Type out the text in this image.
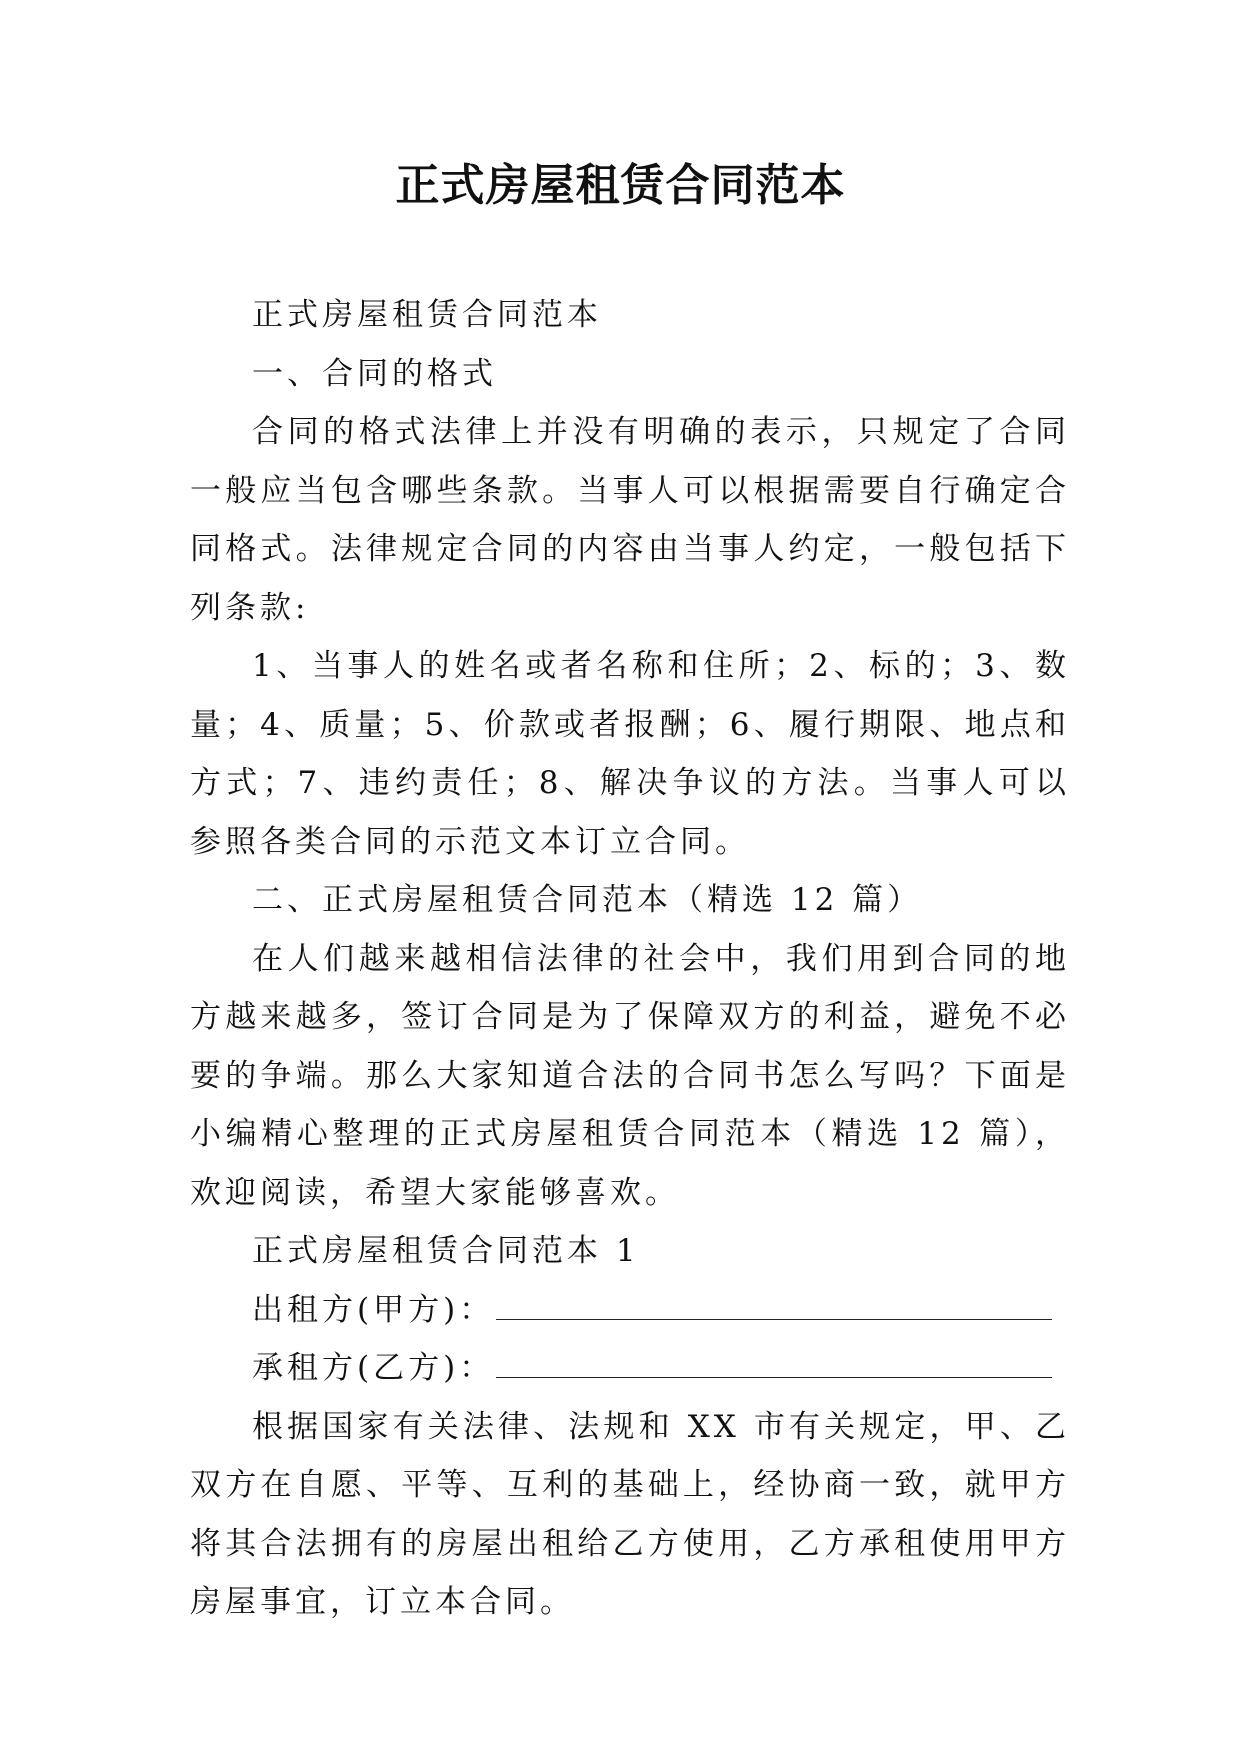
正式房屋租赁合同范本

正式房屋租赁合同范本

一、合同的格式

合同的格式法律上并没有明确的表示，只规定了合同一般应当包含哪些条款。当事人可以根据需要自行确定合同格式。法律规定合同的内容由当事人约定，一般包括下列条款:

1、当事人的姓名或者名称和住所；2、标的；3、数量；4、质量；5、价款或者报酬；6、履行期限、地点和方式；7、违约责任；8、解决争议的方法。当事人可以参照各类合同的示范文本订立合同。

二、正式房屋租赁合同范本（精选 12 篇）

在人们越来越相信法律的社会中，我们用到合同的地方越来越多，签订合同是为了保障双方的利益，避免不必要的争端。那么大家知道合法的合同书怎么写吗？下面是小编精心整理的正式房屋租赁合同范本（精选 12 篇），欢迎阅读，希望大家能够喜欢。

正式房屋租赁合同范本 1

出租方(甲方)：
承租方(乙方)：

根据国家有关法律、法规和 XX 市有关规定，甲、乙双方在自愿、平等、互利的基础上，经协商一致，就甲方将其合法拥有的房屋出租给乙方使用，乙方承租使用甲方房屋事宜，订立本合同。
